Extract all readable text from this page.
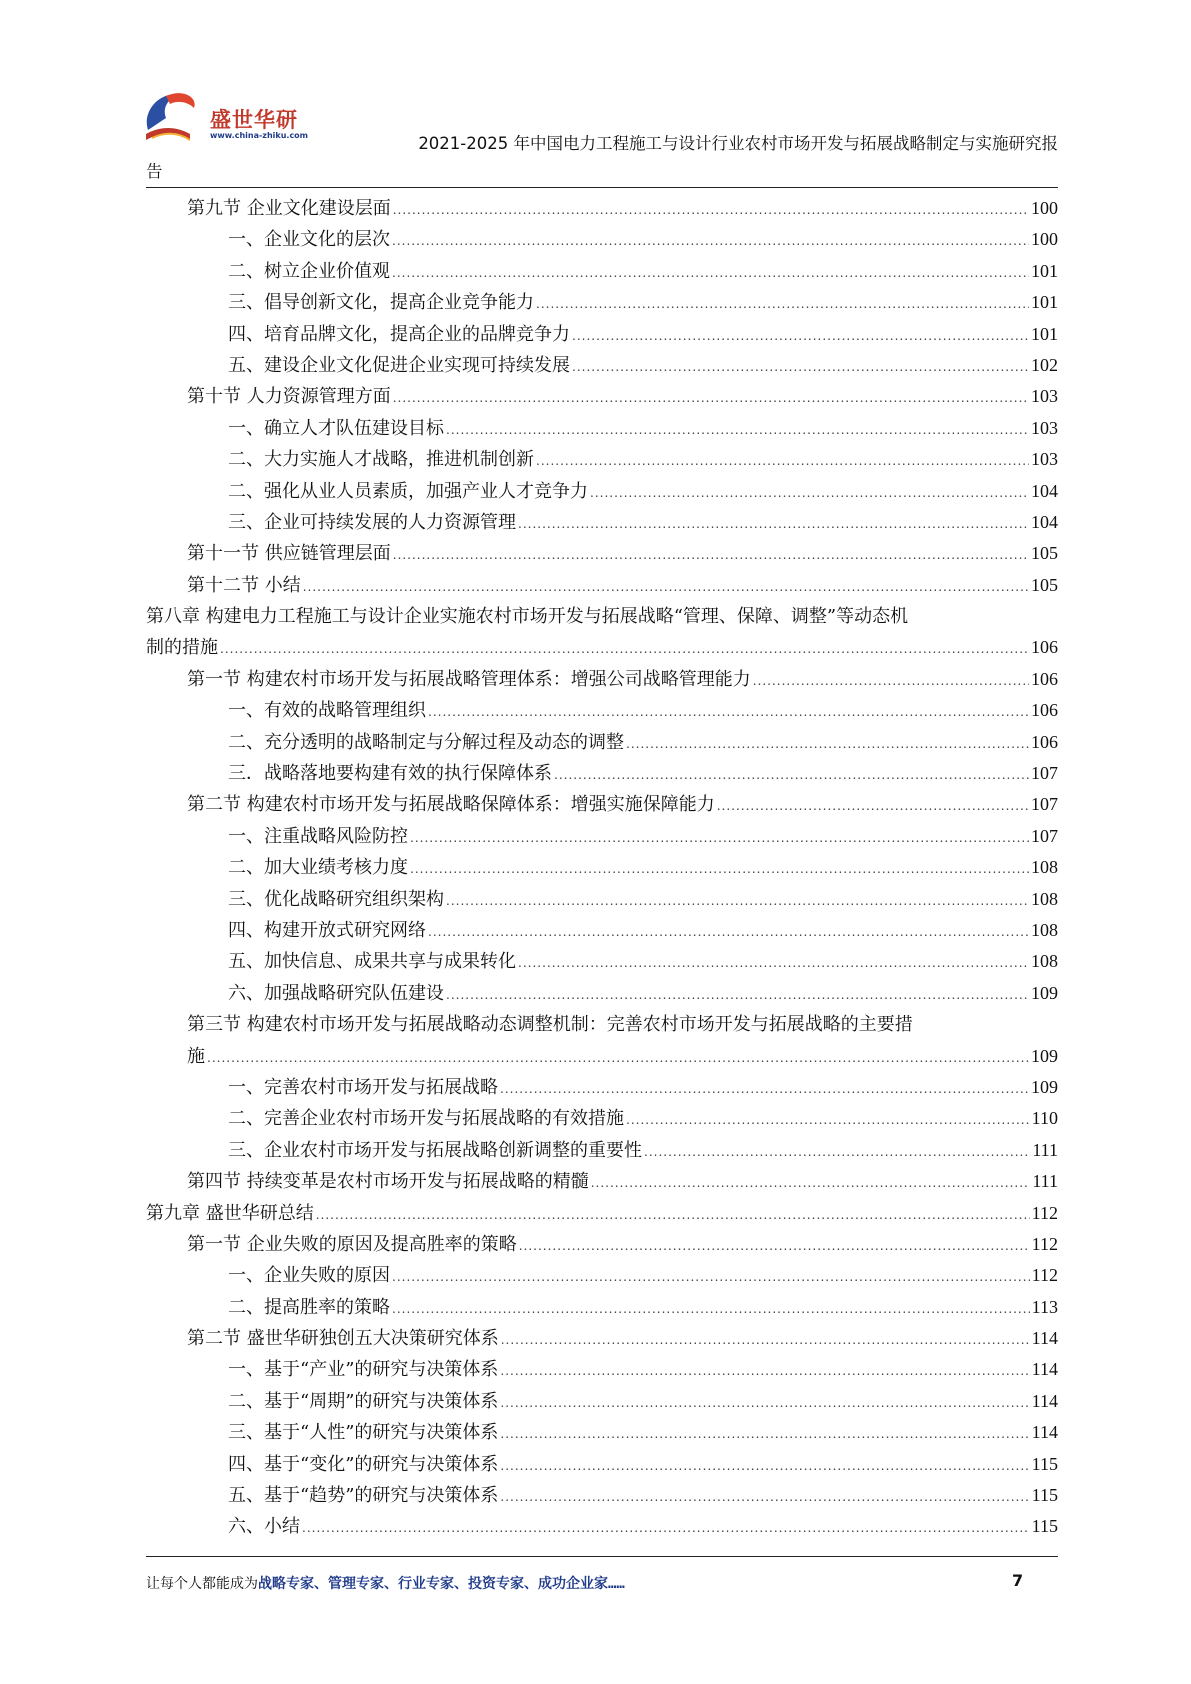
盛世华研
www.china-zhiku.com	2021-2025 年中国电力工程施工与设计行业农村市场开发与拓展战略制定与实施研究报
告
第九节 企业文化建设层面 .....	100
一、企业文化的层次 .....	100
二、树立企业价值观 .....	101
三、倡导创新文化，提高企业竞争能力 .....	101
四、培育品牌文化，提高企业的品牌竞争力 .....	101
五、建设企业文化促进企业实现可持续发展 .....	102
第十节 人力资源管理方面 .....	103
一、确立人才队伍建设目标 .....	103
二、大力实施人才战略，推进机制创新 .....	103
二、强化从业人员素质，加强产业人才竞争力 .....	104
三、企业可持续发展的人力资源管理 .....	104
第十一节 供应链管理层面 .....	105
第十二节 小结 .....	105
第八章 构建电力工程施工与设计企业实施农村市场开发与拓展战略“管理、保障、调整”等动态机
制的措施 .....	106
第一节 构建农村市场开发与拓展战略管理体系：增强公司战略管理能力 .....	106
一、有效的战略管理组织 .....	106
二、充分透明的战略制定与分解过程及动态的调整 .....	106
三．战略落地要构建有效的执行保障体系 .....	107
第二节 构建农村市场开发与拓展战略保障体系：增强实施保障能力 .....	107
一、注重战略风险防控 .....	107
二、加大业绩考核力度 .....	108
三、优化战略研究组织架构 .....	108
四、构建开放式研究网络 .....	108
五、加快信息、成果共享与成果转化 .....	108
六、加强战略研究队伍建设 .....	109
第三节 构建农村市场开发与拓展战略动态调整机制：完善农村市场开发与拓展战略的主要措
施 .....	109
一、完善农村市场开发与拓展战略 .....	109
二、完善企业农村市场开发与拓展战略的有效措施 .....	110
三、企业农村市场开发与拓展战略创新调整的重要性 .....	111
第四节 持续变革是农村市场开发与拓展战略的精髓 .....	111
第九章 盛世华研总结 .....	112
第一节 企业失败的原因及提高胜率的策略 .....	112
一、企业失败的原因 .....	112
二、提高胜率的策略 .....	113
第二节 盛世华研独创五大决策研究体系 .....	114
一、基于“产业”的研究与决策体系 .....	114
二、基于“周期”的研究与决策体系 .....	114
三、基于“人性”的研究与决策体系 .....	114
四、基于“变化”的研究与决策体系 .....	115
五、基于“趋势”的研究与决策体系 .....	115
六、小结 .....	115
让每个人都能成为战略专家、管理专家、行业专家、投资专家、成功企业家……	7
